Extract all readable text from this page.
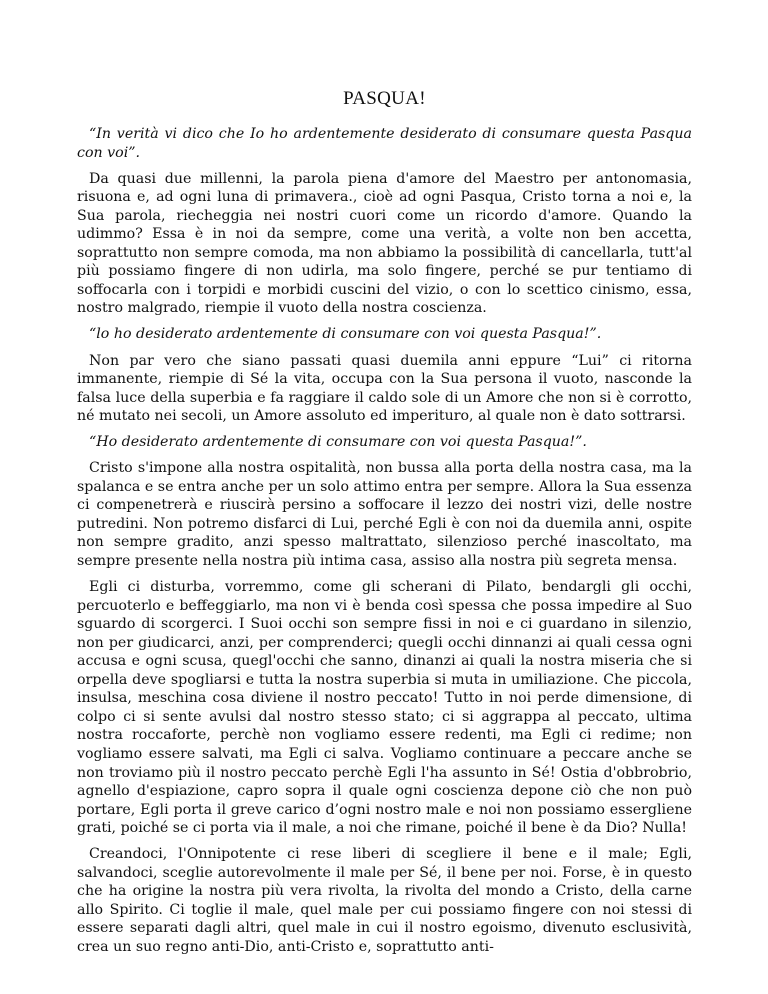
PASQUA!

“In verità vi dico che Io ho ardentemente desiderato di consumare questa Pasqua con voi”.

Da quasi due millenni, la parola piena d'amore del Maestro per antonomasia, risuona e, ad ogni luna di primavera., cioè ad ogni Pasqua, Cristo torna a noi e, la Sua parola, riecheggia nei nostri cuori come un ricordo d'amore. Quando la udimmo? Essa è in noi da sempre, come una verità, a volte non ben accetta, soprattutto non sempre comoda, ma non abbiamo la possibilità di cancellarla, tutt'al più possiamo fingere di non udirla, ma solo fingere, perché se pur tentiamo di soffocarla con i torpidi e morbidi cuscini del vizio, o con lo scettico cinismo, essa, nostro malgrado, riempie il vuoto della nostra coscienza.

“lo ho desiderato ardentemente di consumare con voi questa Pasqua!”.

Non par vero che siano passati quasi duemila anni eppure “Lui” ci ritorna immanente, riempie di Sé la vita, occupa con la Sua persona il vuoto, nasconde la falsa luce della superbia e fa raggiare il caldo sole di un Amore che non si è corrotto, né mutato nei secoli, un Amore assoluto ed imperituro, al quale non è dato sottrarsi.

“Ho desiderato ardentemente di consumare con voi questa Pasqua!”.

Cristo s'impone alla nostra ospitalità, non bussa alla porta della nostra casa, ma la spalanca e se entra anche per un solo attimo entra per sempre. Allora la Sua essenza ci compenetrerà e riuscirà persino a soffocare il lezzo dei nostri vizi, delle nostre putredini. Non potremo disfarci di Lui, perché Egli è con noi da duemila anni, ospite non sempre gradito, anzi spesso maltrattato, silenzioso perché inascoltato, ma sempre presente nella nostra più intima casa, assiso alla nostra più segreta mensa.

Egli ci disturba, vorremmo, come gli scherani di Pilato, bendargli gli occhi, percuoterlo e beffeggiarlo, ma non vi è benda così spessa che possa impedire al Suo sguardo di scorgerci. I Suoi occhi son sempre fissi in noi e ci guardano in silenzio, non per giudicarci, anzi, per comprenderci; quegli occhi dinnanzi ai quali cessa ogni accusa e ogni scusa, quegl'occhi che sanno, dinanzi ai quali la nostra miseria che si orpella deve spogliarsi e tutta la nostra superbia si muta in umiliazione. Che piccola, insulsa, meschina cosa diviene il nostro peccato! Tutto in noi perde dimensione, di colpo ci si sente avulsi dal nostro stesso stato; ci si aggrappa al peccato, ultima nostra roccaforte, perchè non vogliamo essere redenti, ma Egli ci redime; non vogliamo essere salvati, ma Egli ci salva. Vogliamo continuare a peccare anche se non troviamo più il nostro peccato perchè Egli l'ha assunto in Sé! Ostia d'obbrobrio, agnello d'espiazione, capro sopra il quale ogni coscienza depone ciò che non può portare, Egli porta il greve carico d’ogni nostro male e noi non possiamo essergliene grati, poiché se ci porta via il male, a noi che rimane, poiché il bene è da Dio? Nulla!

Creandoci, l'Onnipotente ci rese liberi di scegliere il bene e il male; Egli, salvandoci, sceglie autorevolmente il male per Sé, il bene per noi. Forse, è in questo che ha origine la nostra più vera rivolta, la rivolta del mondo a Cristo, della carne allo Spirito. Ci toglie il male, quel male per cui possiamo fingere con noi stessi di essere separati dagli altri, quel male in cui il nostro egoismo, divenuto esclusività, crea un suo regno anti-Dio, anti-Cristo e, soprattutto anti-
